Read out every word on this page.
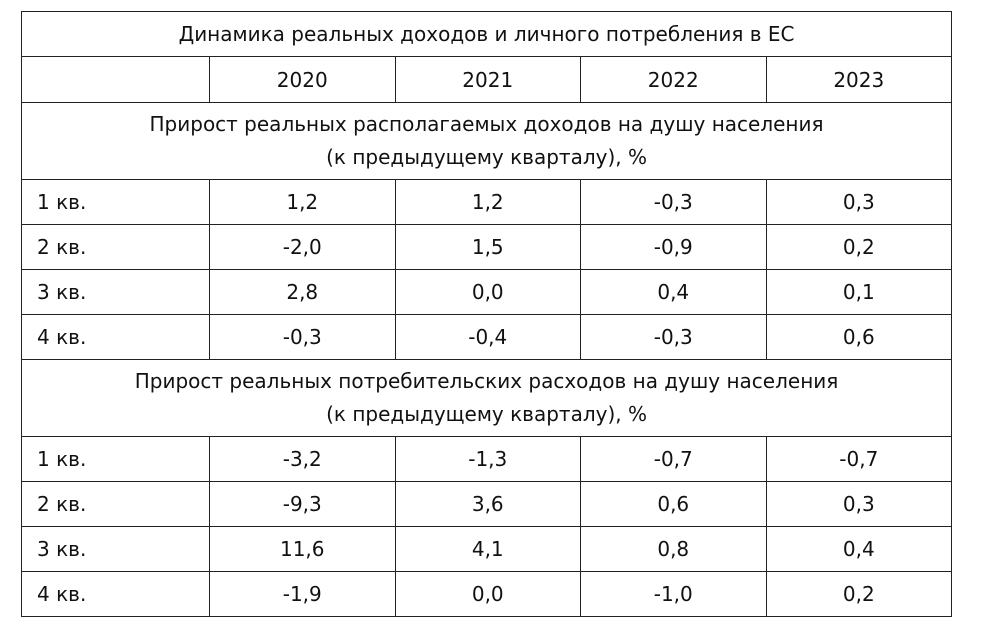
Динамика реальных доходов и личного потребления в ЕС				
	2020	2021	2022	2023

Прирост реальных располагаемых доходов на душу населения
(к предыдущему кварталу), %				

1 кв.	1,2	1,2	-0,3	0,3
2 кв.	-2,0	1,5	-0,9	0,2
3 кв.	2,8	0,0	0,4	0,1
4 кв.	-0,3	-0,4	-0,3	0,6

Прирост реальных потребительских расходов на душу населения
(к предыдущему кварталу), %				

1 кв.	-3,2	-1,3	-0,7	-0,7
2 кв.	-9,3	3,6	0,6	0,3
3 кв.	11,6	4,1	0,8	0,4
4 кв.	-1,9	0,0	-1,0	0,2
